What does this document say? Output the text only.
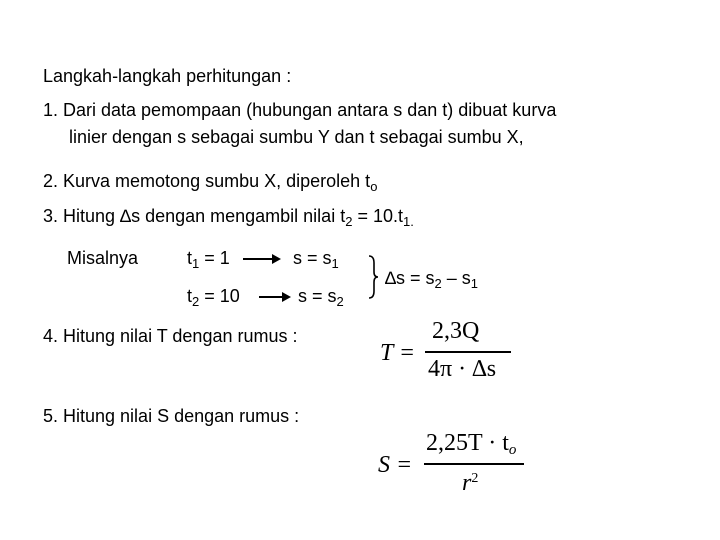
Langkah-langkah perhitungan :
1. Dari data pemompaan (hubungan antara s dan t) dibuat kurva
linier dengan s sebagai sumbu Y dan t sebagai sumbu X,
2. Kurva memotong sumbu X, diperoleh $t_o$
3. Hitung ∆s dengan mengambil nilai $t_2 = 10.t_{1.}$
Misalnya	$t_1 = 1$	$s = s_1$
$t_2 = 10$	$s = s_2$
$\Delta s = s_2 - s_1$
4. Hitung nilai T dengan rumus :
T =
2,3Q
4π · ∆s
5. Hitung nilai S dengan rumus :
S =
$2,25T \cdot t_o$
$r^2$
